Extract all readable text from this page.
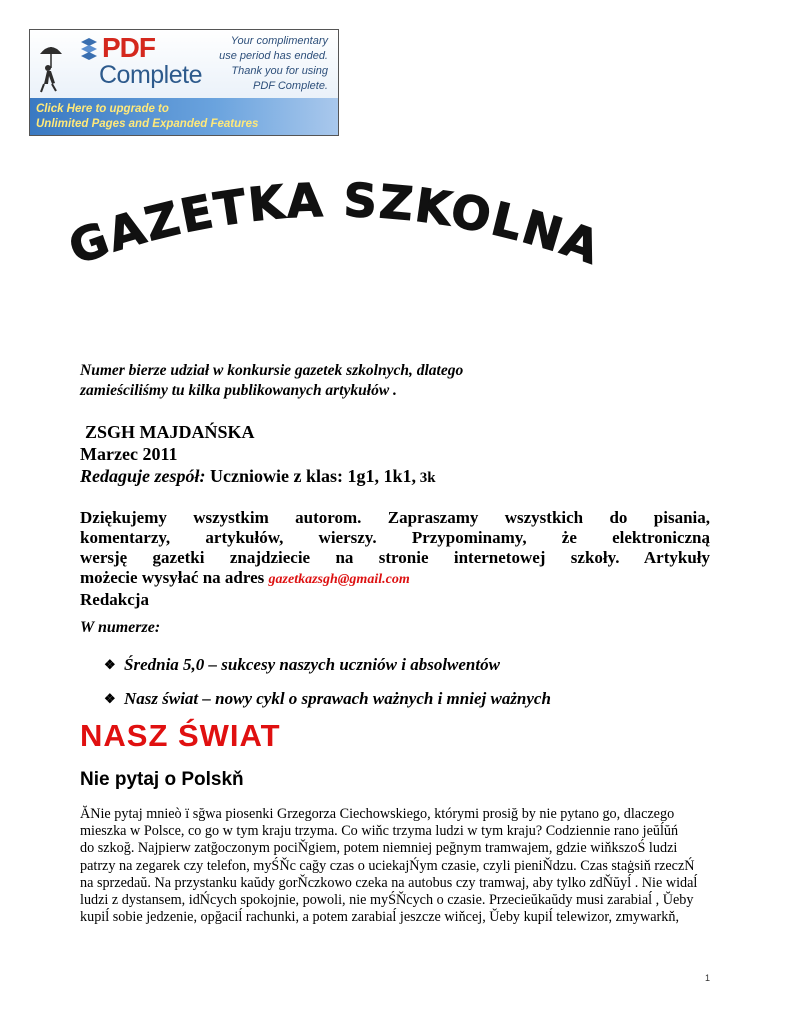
PDF
Complete
Your complimentary
use period has ended.
Thank you for using
PDF Complete.
Click Here to upgrade to
Unlimited Pages and Expanded Features
AZETKA SZKOLN
Numer bierze udział w konkursie gazetek szkolnych, dlatego
zamieściliśmy tu kilka publikowanych artykułów .
ZSGH MAJDAŃSKA
Marzec 2011
Redaguje zespół: Uczniowie z klas: 1g1, 1k1, 3k
Dziękujemy wszystkim autorom. Zapraszamy wszystkich do pisania,
komentarzy, artykułów, wierszy. Przypominamy, że elektroniczną
wersję gazetki znajdziecie na stronie internetowej szkoły. Artykuły
możecie wysyłać na adres gazetkazsgh@gmail.com
Redakcja
W numerze:
❖ Średnia 5,0 – sukcesy naszych uczniów i absolwentów
❖ Nasz świat – nowy cykl o sprawach ważnych i mniej ważnych
NASZ ŚWIAT
Nie pytaj o Polskň
ĂNie pytaj mnieò ï sğwa piosenki Grzegorza Ciechowskiego, którymi prosiğ by nie pytano go, dlaczego
mieszka w Polsce, co go w tym kraju trzyma. Co wiňc trzyma ludzi w tym kraju? Codziennie rano jeŭĺŭń
do szkoğ. Najpierw zatğoczonym pociŇgiem, potem niemniej peğnym tramwajem, gdzie wiňkszoŚ ludzi
patrzy na zegarek czy telefon, myŚŇc cağy czas o uciekajŃym czasie, czyli pieniŇdzu. Czas staġsiň rzeczŃ
na sprzedaŭ. Na przystanku kaŭdy gorŇczkowo czeka na autobus czy tramwaj, aby tylko zdŇŭyĺ . Nie widaĺ
ludzi z dystansem, idŃcych spokojnie, powoli, nie myŚŇcych o czasie. Przecieŭkaŭdy musi zarabiaĺ , Ŭeby
kupiĺ sobie jedzenie, opğaciĺ rachunki, a potem zarabiaĺ jeszcze wiňcej, Ŭeby kupiĺ telewizor, zmywarkň,
1
